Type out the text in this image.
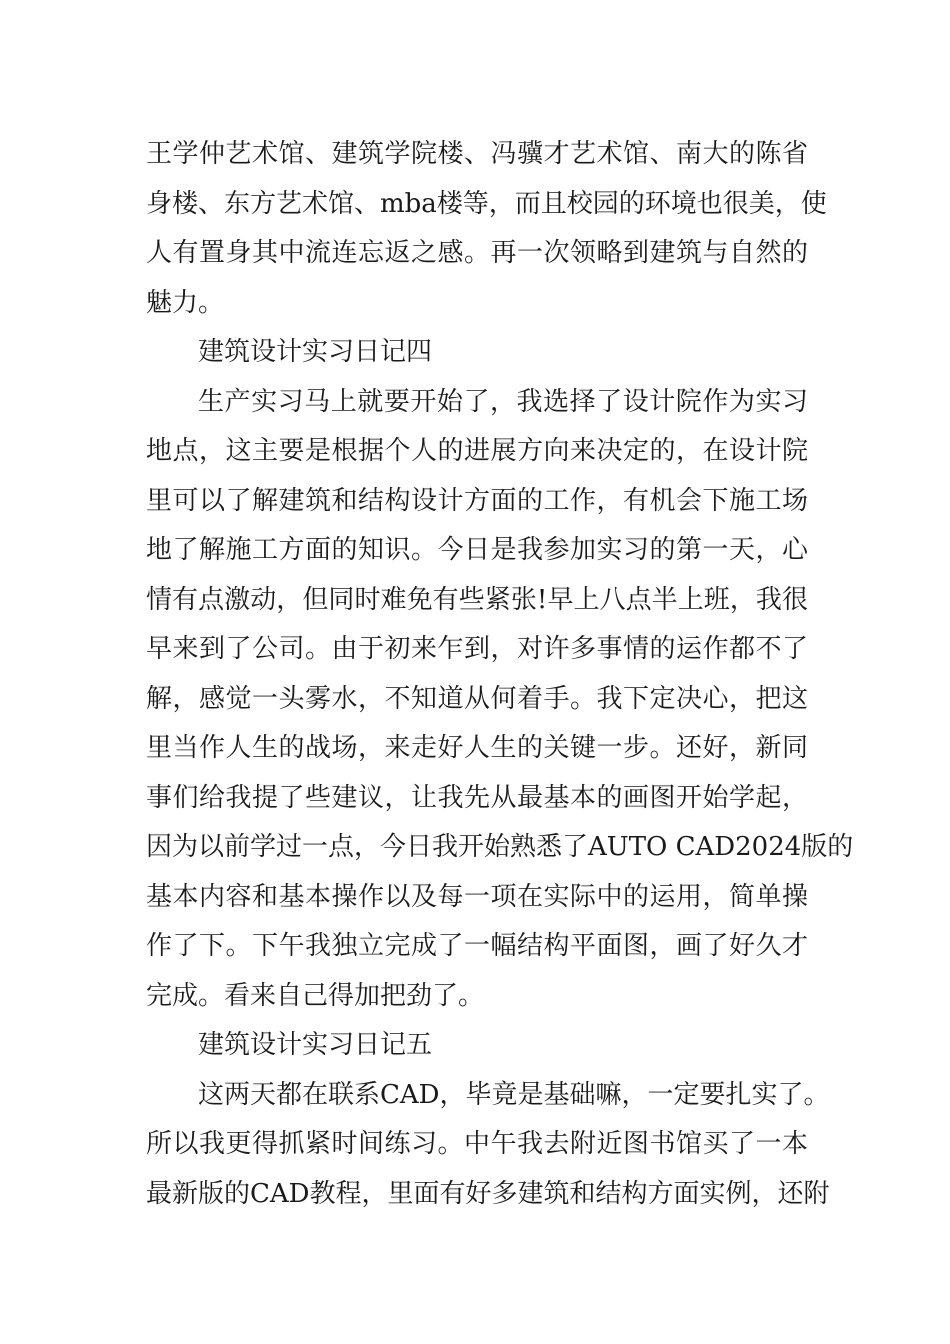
王学仲艺术馆、建筑学院楼、冯骥才艺术馆、南大的陈省
身楼、东方艺术馆、mba楼等，而且校园的环境也很美，使
人有置身其中流连忘返之感。再一次领略到建筑与自然的
魅力。
建筑设计实习日记四
生产实习马上就要开始了，我选择了设计院作为实习
地点，这主要是根据个人的进展方向来决定的，在设计院
里可以了解建筑和结构设计方面的工作，有机会下施工场
地了解施工方面的知识。今日是我参加实习的第一天，心
情有点激动，但同时难免有些紧张!早上八点半上班，我很
早来到了公司。由于初来乍到，对许多事情的运作都不了
解，感觉一头雾水，不知道从何着手。我下定决心，把这
里当作人生的战场，来走好人生的关键一步。还好，新同
事们给我提了些建议，让我先从最基本的画图开始学起，
因为以前学过一点，今日我开始熟悉了AUTO CAD2024版的
基本内容和基本操作以及每一项在实际中的运用，简单操
作了下。下午我独立完成了一幅结构平面图，画了好久才
完成。看来自己得加把劲了。
建筑设计实习日记五
这两天都在联系CAD，毕竟是基础嘛，一定要扎实了。
所以我更得抓紧时间练习。中午我去附近图书馆买了一本
最新版的CAD教程，里面有好多建筑和结构方面实例，还附
